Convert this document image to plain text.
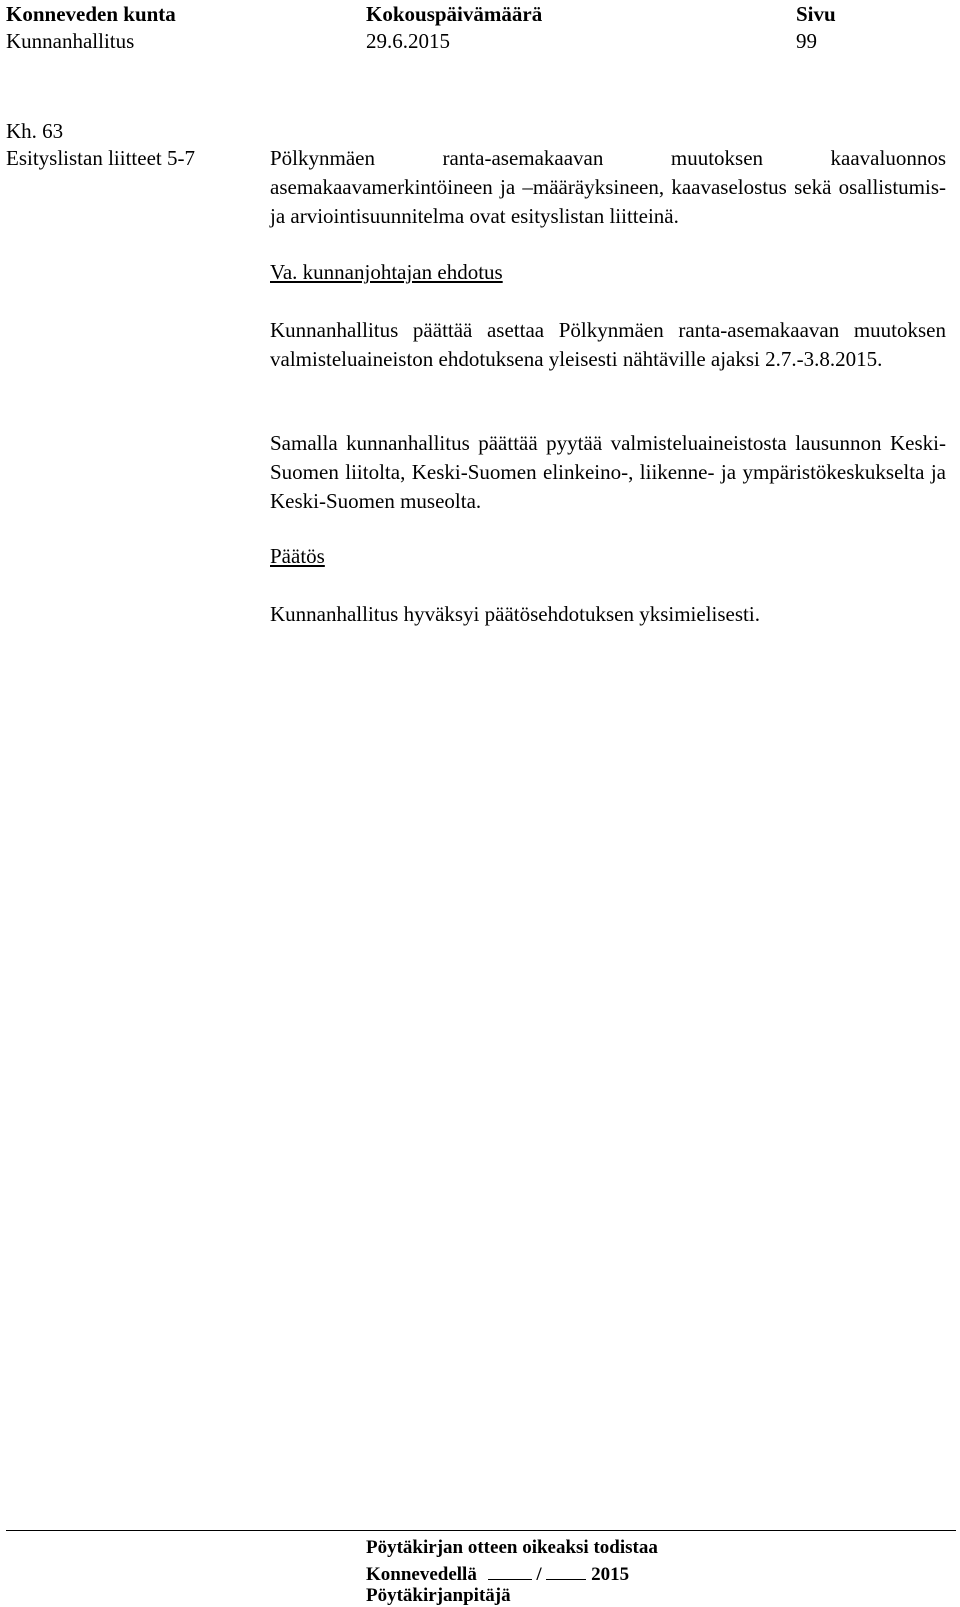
Konneveden kunta
Kunnanhallitus
Kokouspäivämäärä
29.6.2015
Sivu
99
Kh. 63
Esityslistan liitteet 5-7	Pölkynmäen ranta-asemakaavan muutoksen kaavaluonnos asemakaavamerkintöineen ja –määräyksineen, kaavaselostus sekä osallistumis- ja arviointisuunnitelma ovat esityslistan liitteinä.
Va. kunnanjohtajan ehdotus
Kunnanhallitus päättää asettaa Pölkynmäen ranta-asemakaavan muutoksen valmisteluaineiston ehdotuksena yleisesti nähtäville ajaksi 2.7.-3.8.2015.
Samalla kunnanhallitus päättää pyytää valmisteluaineistosta lausunnon Keski-Suomen liitolta, Keski-Suomen elinkeino-, liikenne- ja ympäristökeskukselta ja Keski-Suomen museolta.
Päätös
Kunnanhallitus hyväksyi päätösehdotuksen yksimielisesti.
Pöytäkirjan otteen oikeaksi todistaa
Konnevedellä	/	2015
Pöytäkirjanpitäjä
